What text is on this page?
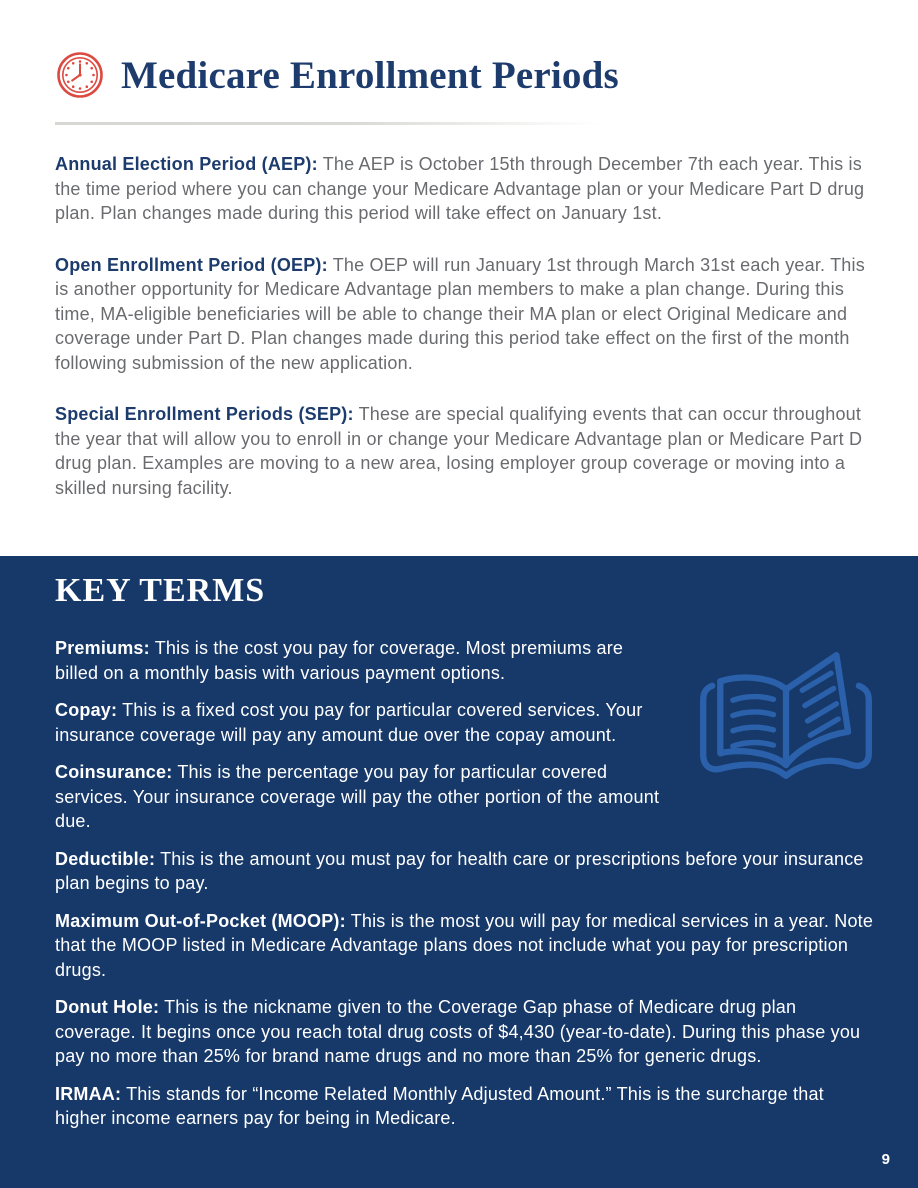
Medicare Enrollment Periods

Annual Election Period (AEP): The AEP is October 15th through December 7th each year. This is the time period where you can change your Medicare Advantage plan or your Medicare Part D drug plan. Plan changes made during this period will take effect on January 1st.

Open Enrollment Period (OEP): The OEP will run January 1st through March 31st each year. This is another opportunity for Medicare Advantage plan members to make a plan change. During this time, MA-eligible beneficiaries will be able to change their MA plan or elect Original Medicare and coverage under Part D. Plan changes made during this period take effect on the first of the month following submission of the new application.

Special Enrollment Periods (SEP): These are special qualifying events that can occur throughout the year that will allow you to enroll in or change your Medicare Advantage plan or Medicare Part D drug plan. Examples are moving to a new area, losing employer group coverage or moving into a skilled nursing facility.

KEY TERMS

Premiums: This is the cost you pay for coverage. Most premiums are billed on a monthly basis with various payment options.

Copay: This is a fixed cost you pay for particular covered services. Your insurance coverage will pay any amount due over the copay amount.

Coinsurance: This is the percentage you pay for particular covered services. Your insurance coverage will pay the other portion of the amount due.

Deductible: This is the amount you must pay for health care or prescriptions before your insurance plan begins to pay.

Maximum Out-of-Pocket (MOOP): This is the most you will pay for medical services in a year. Note that the MOOP listed in Medicare Advantage plans does not include what you pay for prescription drugs.

Donut Hole: This is the nickname given to the Coverage Gap phase of Medicare drug plan coverage. It begins once you reach total drug costs of $4,430 (year-to-date). During this phase you pay no more than 25% for brand name drugs and no more than 25% for generic drugs.

IRMAA: This stands for “Income Related Monthly Adjusted Amount.” This is the surcharge that higher income earners pay for being in Medicare.

9
